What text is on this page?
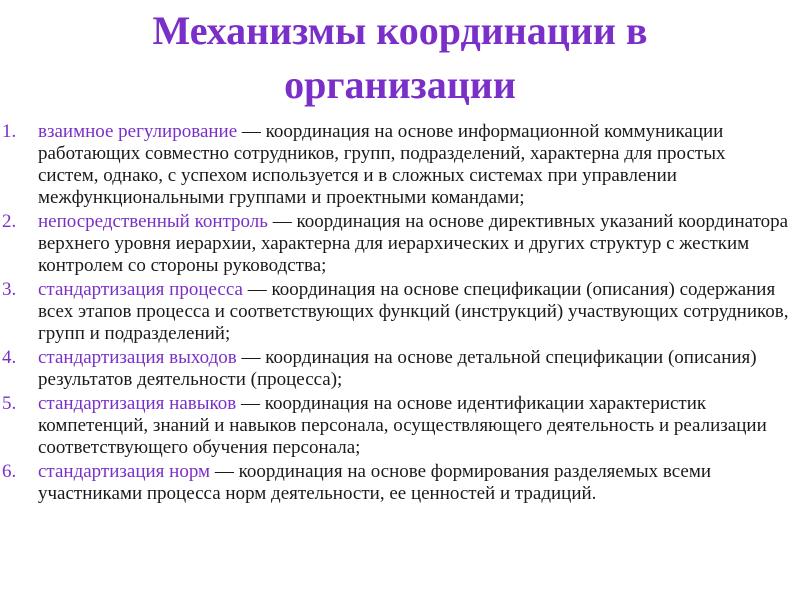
Механизмы координации в организации
1.	взаимное регулирование — координация на основе информационной коммуникации работающих совместно сотрудников, групп, подразделений, характерна для простых систем, однако, с успехом используется и в сложных системах при управлении межфункциональными группами и проектными командами;
2.	непосредственный контроль — координация на основе директивных указаний координатора верхнего уровня иерархии, характерна для иерархических и других структур с жестким контролем со стороны руководства;
3.	стандартизация процесса — координация на основе спецификации (описания) содержания всех этапов процесса и соответствующих функций (инструкций) участвующих сотрудников, групп и подразделений;
4.	стандартизация выходов — координация на основе детальной спецификации (описания) результатов деятельности (процесса);
5.	стандартизация навыков — координация на основе идентификации характеристик компетенций, знаний и навыков персонала, осуществляющего деятельность и реализации соответствующего обучения персонала;
6.	стандартизация норм — координация на основе формирования разделяемых всеми участниками процесса норм деятельности, ее ценностей и традиций.
